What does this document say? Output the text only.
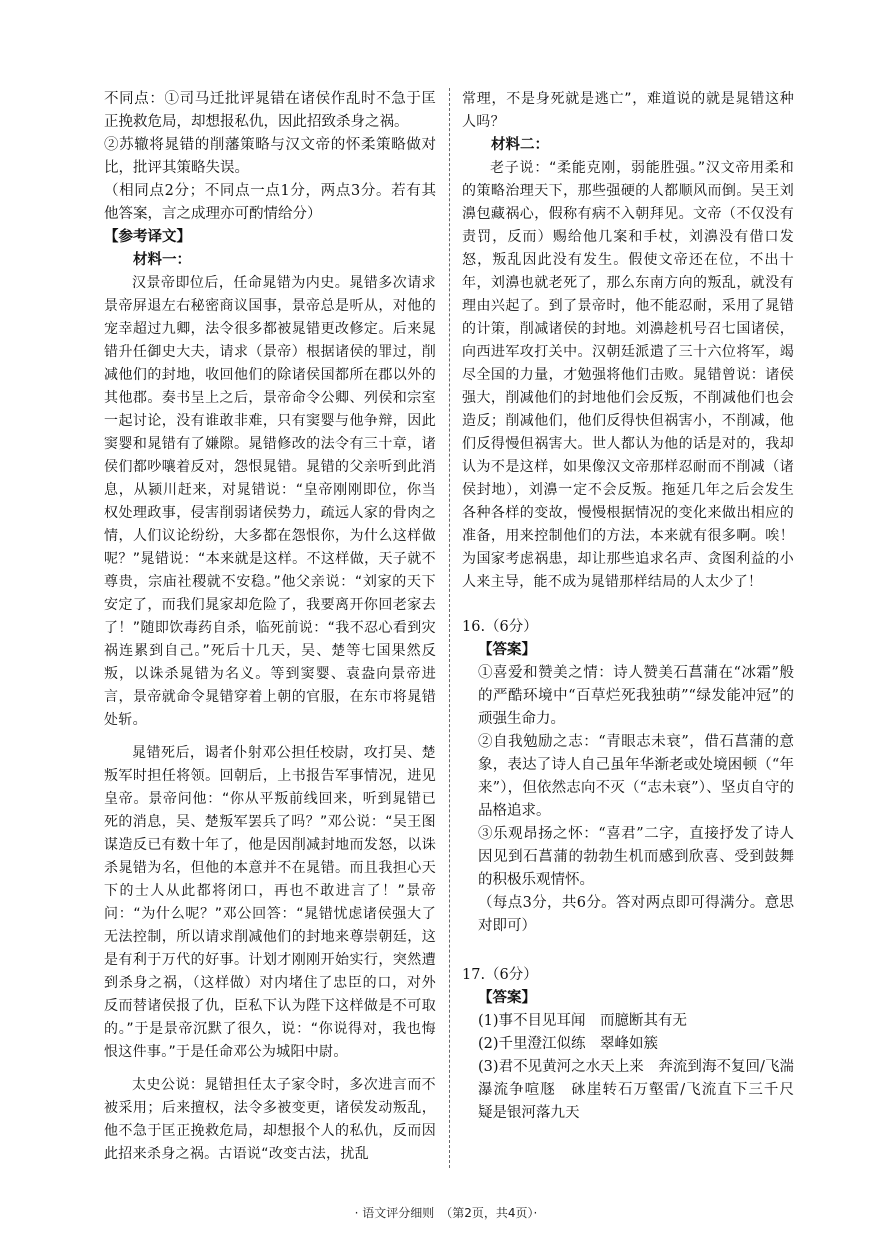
不同点：①司马迁批评晁错在诸侯作乱时不急于匡正挽救危局，却想报私仇，因此招致杀身之祸。

②苏辙将晁错的削藩策略与汉文帝的怀柔策略做对比，批评其策略失误。

（相同点2分；不同点一点1分，两点3分。若有其他答案，言之成理亦可酌情给分）

【参考译文】

材料一：

汉景帝即位后，任命晁错为内史。晁错多次请求景帝屏退左右秘密商议国事，景帝总是听从，对他的宠幸超过九卿，法令很多都被晁错更改修定。后来晁错升任御史大夫，请求（景帝）根据诸侯的罪过，削减他们的封地，收回他们的除诸侯国都所在郡以外的其他郡。奏书呈上之后，景帝命令公卿、列侯和宗室一起讨论，没有谁敢非难，只有窦婴与他争辩，因此窦婴和晁错有了嫌隙。晁错修改的法令有三十章，诸侯们都吵嚷着反对，怨恨晁错。晁错的父亲听到此消息，从颍川赶来，对晁错说：“皇帝刚刚即位，你当权处理政事，侵害削弱诸侯势力，疏远人家的骨肉之情，人们议论纷纷，大多都在怨恨你，为什么这样做呢？”晁错说：“本来就是这样。不这样做，天子就不尊贵，宗庙社稷就不安稳。”他父亲说：“刘家的天下安定了，而我们晁家却危险了，我要离开你回老家去了！”随即饮毒药自杀，临死前说：“我不忍心看到灾祸连累到自己。”死后十几天，吴、楚等七国果然反叛，以诛杀晁错为名义。等到窦婴、袁盎向景帝进言，景帝就命令晁错穿着上朝的官服，在东市将晁错处斩。

晁错死后，谒者仆射邓公担任校尉，攻打吴、楚叛军时担任将领。回朝后，上书报告军事情况，进见皇帝。景帝问他：“你从平叛前线回来，听到晁错已死的消息，吴、楚叛军罢兵了吗？”邓公说：“吴王图谋造反已有数十年了，他是因削减封地而发怒，以诛杀晁错为名，但他的本意并不在晁错。而且我担心天下的士人从此都将闭口，再也不敢进言了！”景帝问：“为什么呢？”邓公回答：“晁错忧虑诸侯强大了无法控制，所以请求削减他们的封地来尊崇朝廷，这是有利于万代的好事。计划才刚刚开始实行，突然遭到杀身之祸，（这样做）对内堵住了忠臣的口，对外反而替诸侯报了仇，臣私下认为陛下这样做是不可取的。”于是景帝沉默了很久，说：“你说得对，我也悔恨这件事。”于是任命邓公为城阳中尉。

太史公说：晁错担任太子家令时，多次进言而不被采用；后来擅权，法令多被变更，诸侯发动叛乱，他不急于匡正挽救危局，却想报个人的私仇，反而因此招来杀身之祸。古语说“改变古法，扰乱

常理，不是身死就是逃亡”，难道说的就是晁错这种人吗？

材料二：

老子说：“柔能克刚，弱能胜强。”汉文帝用柔和的策略治理天下，那些强硬的人都顺风而倒。吴王刘濞包藏祸心，假称有病不入朝拜见。文帝（不仅没有责罚，反而）赐给他几案和手杖，刘濞没有借口发怒，叛乱因此没有发生。假使文帝还在位，不出十年，刘濞也就老死了，那么东南方向的叛乱，就没有理由兴起了。到了景帝时，他不能忍耐，采用了晁错的计策，削减诸侯的封地。刘濞趁机号召七国诸侯，向西进军攻打关中。汉朝廷派遣了三十六位将军，竭尽全国的力量，才勉强将他们击败。晁错曾说：诸侯强大，削减他们的封地他们会反叛，不削减他们也会造反；削减他们，他们反得快但祸害小，不削减，他们反得慢但祸害大。世人都认为他的话是对的，我却认为不是这样，如果像汉文帝那样忍耐而不削减（诸侯封地），刘濞一定不会反叛。拖延几年之后会发生各种各样的变故，慢慢根据情况的变化来做出相应的准备，用来控制他们的方法，本来就有很多啊。唉！为国家考虑祸患，却让那些追求名声、贪图利益的小人来主导，能不成为晁错那样结局的人太少了！

16.（6分）

【答案】

①喜爱和赞美之情：诗人赞美石菖蒲在“冰霜”般的严酷环境中“百草烂死我独萌”“绿发能冲冠”的顽强生命力。

②自我勉励之志：“青眼志未衰”，借石菖蒲的意象，表达了诗人自己虽年华渐老或处境困顿（“年来”），但依然志向不灭（“志未衰”）、坚贞自守的品格追求。

③乐观昂扬之怀：“喜君”二字，直接抒发了诗人因见到石菖蒲的勃勃生机而感到欣喜、受到鼓舞的积极乐观情怀。

（每点3分，共6分。答对两点即可得满分。意思对即可）

17.（6分）

【答案】

(1)事不目见耳闻　而臆断其有无

(2)千里澄江似练　翠峰如簇

(3)君不见黄河之水天上来　奔流到海不复回/飞湍瀑流争喧豗　砯崖转石万壑雷/飞流直下三千尺　疑是银河落九天

· 语文评分细则　（第2页，共4页）·
